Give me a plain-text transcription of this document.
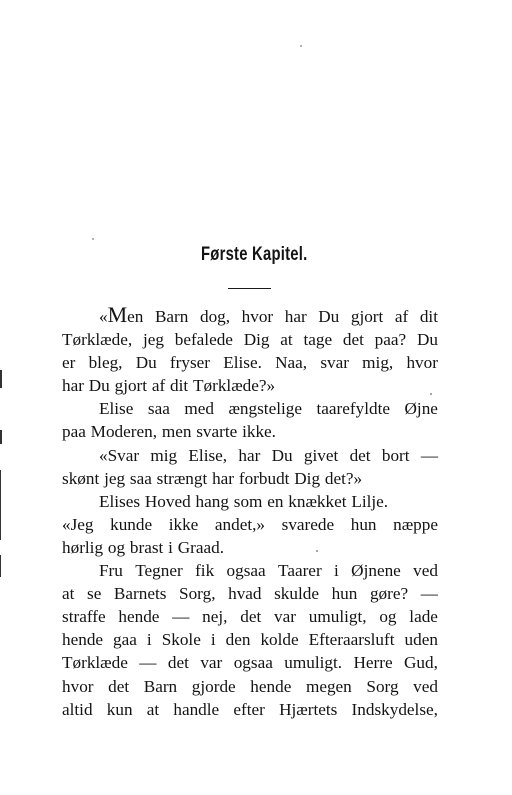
Første Kapitel.
«Men Barn dog, hvor har Du gjort af dit
Tørklæde, jeg befalede Dig at tage det paa? Du
er bleg, Du fryser Elise. Naa, svar mig, hvor
har Du gjort af dit Tørklæde?»
Elise saa med ængstelige taarefyldte Øjne
paa Moderen, men svarte ikke.
«Svar mig Elise, har Du givet det bort —
skønt jeg saa strængt har forbudt Dig det?»
Elises Hoved hang som en knækket Lilje.
«Jeg kunde ikke andet,» svarede hun næppe
hørlig og brast i Graad.
Fru Tegner fik ogsaa Taarer i Øjnene ved
at se Barnets Sorg, hvad skulde hun gøre? —
straffe hende — nej, det var umuligt, og lade
hende gaa i Skole i den kolde Efteraarsluft uden
Tørklæde — det var ogsaa umuligt. Herre Gud,
hvor det Barn gjorde hende megen Sorg ved
altid kun at handle efter Hjærtets Indskydelse,
